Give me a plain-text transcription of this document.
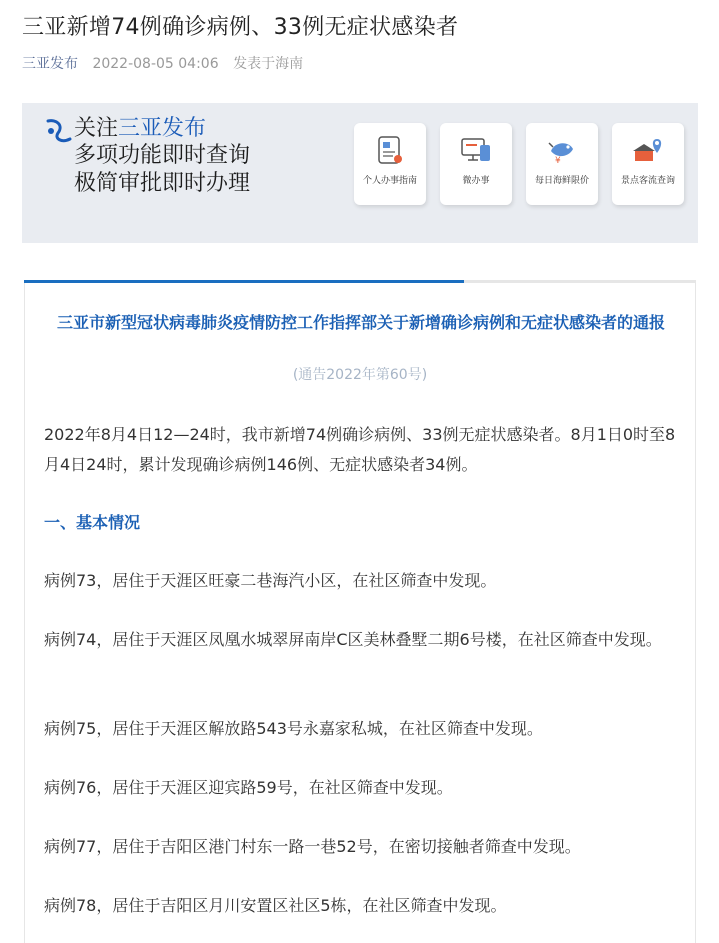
三亚新增74例确诊病例、33例无症状感染者
三亚发布 2022-08-05 04:06 发表于海南
关注三亚发布
多项功能即时查询
极简审批即时办理	个人办事指南	微办事
¥
每日海鲜限价	景点客流查询
三亚市新型冠状病毒肺炎疫情防控工作指挥部关于新增确诊病例和无症状感染者的通报
(通告2022年第60号)
2022年8月4日12—24时，我市新增74例确诊病例、33例无症状感染者。8月1日0时至8月4日24时，累计发现确诊病例146例、无症状感染者34例。
一、基本情况
病例73，居住于天涯区旺豪二巷海汽小区，在社区筛查中发现。
病例74，居住于天涯区凤凰水城翠屏南岸C区美林叠墅二期6号楼，在社区筛查中发现。
病例75，居住于天涯区解放路543号永嘉家私城，在社区筛查中发现。
病例76，居住于天涯区迎宾路59号，在社区筛查中发现。
病例77，居住于吉阳区港门村东一路一巷52号，在密切接触者筛查中发现。
病例78，居住于吉阳区月川安置区社区5栋，在社区筛查中发现。
